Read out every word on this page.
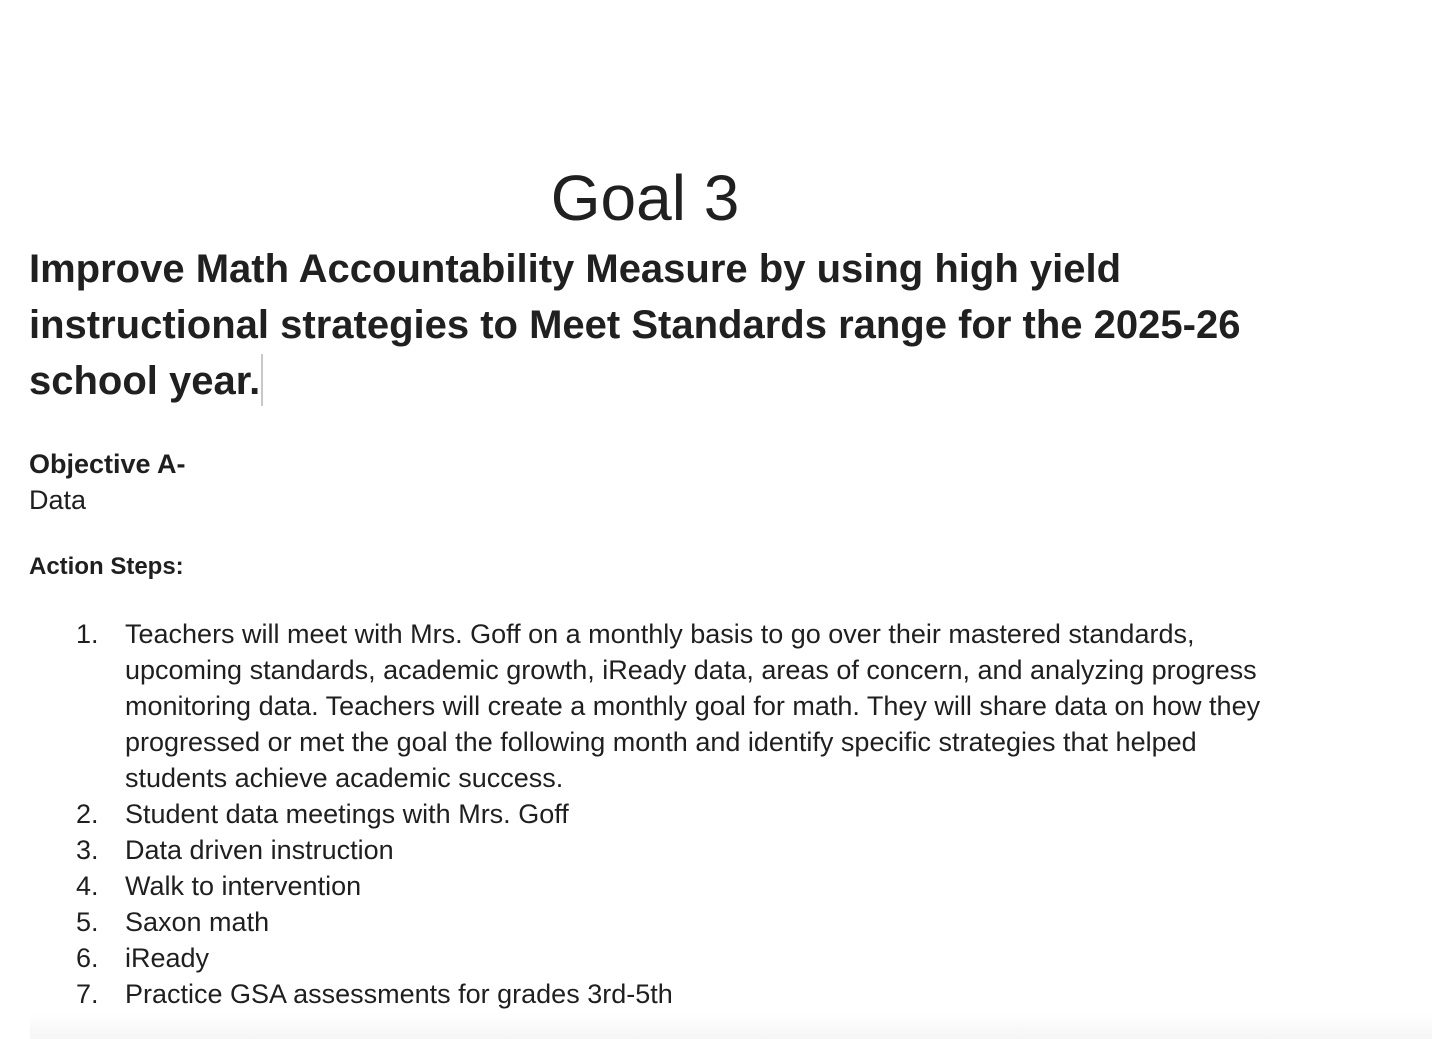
Goal 3

Improve Math Accountability Measure by using high yield instructional strategies to Meet Standards range for the 2025-26 school year.

Objective A-

Data

Action Steps:

1. Teachers will meet with Mrs. Goff on a monthly basis to go over their mastered standards, upcoming standards, academic growth, iReady data, areas of concern, and analyzing progress monitoring data. Teachers will create a monthly goal for math. They will share data on how they progressed or met the goal the following month and identify specific strategies that helped students achieve academic success.
2. Student data meetings with Mrs. Goff
3. Data driven instruction
4. Walk to intervention
5. Saxon math
6. iReady
7. Practice GSA assessments for grades 3rd-5th
